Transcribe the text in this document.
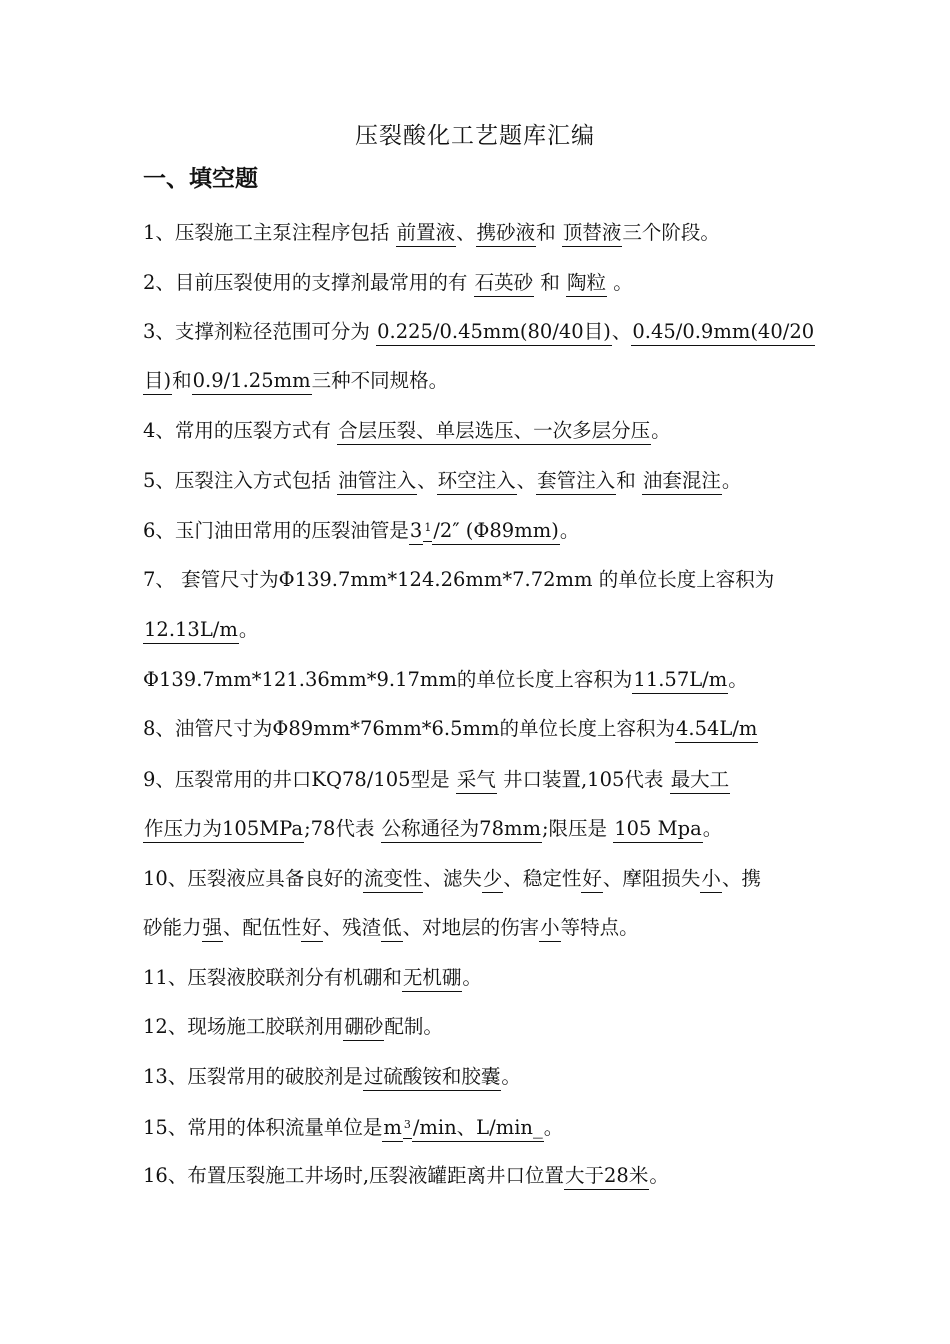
压裂酸化工艺题库汇编
一、填空题
1、压裂施工主泵注程序包括 前置液、携砂液和 顶替液三个阶段。
2、目前压裂使用的支撑剂最常用的有 石英砂 和 陶粒 。
3、支撑剂粒径范围可分为 0.225/0.45mm(80/40目)、0.45/0.9mm(40/20
目)和0.9/1.25mm三种不同规格。
4、常用的压裂方式有 合层压裂、单层选压、一次多层分压。
5、压裂注入方式包括 油管注入、环空注入、套管注入和 油套混注。
6、玉门油田常用的压裂油管是3 1 /2″ (Φ89mm)。
7、 套管尺寸为Φ139.7mm*124.26mm*7.72mm 的单位长度上容积为
12.13L/m。
Φ139.7mm*121.36mm*9.17mm的单位长度上容积为11.57L/m。
8、油管尺寸为Φ89mm*76mm*6.5mm的单位长度上容积为4.54L/m
9、压裂常用的井口KQ78/105型是 采气 井口装置,105代表 最大工
作压力为105MPa;78代表 公称通径为78mm;限压是 105 Mpa。
10、压裂液应具备良好的流变性、滤失少、稳定性好、摩阻损失小、携
砂能力强、配伍性好、残渣低、对地层的伤害小等特点。
11、压裂液胶联剂分有机硼和无机硼。
12、现场施工胶联剂用硼砂配制。
13、压裂常用的破胶剂是过硫酸铵和胶囊。
15、常用的体积流量单位是m 3 /min、L/min_。
16、布置压裂施工井场时,压裂液罐距离井口位置大于28米。
